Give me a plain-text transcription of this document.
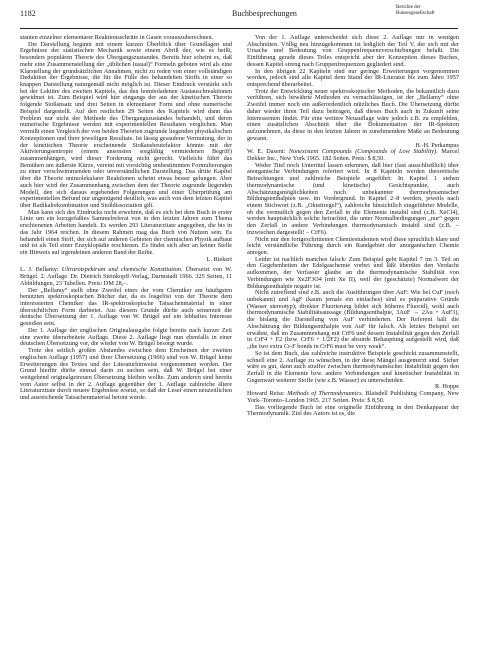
1182	Buchbesprechungen
Berichte der
Bunsengesellschaft

stanten einzelner elementarer Reaktionsschritte in Gasen vorauszuberechnen.

Die Darstellung beginnt mit einem kurzen Überblick über Grundlagen und Ergebnisse der statistischen Mechanik sowie einem Abriß der, wie es heißt, besonders populären Theorie des Übergangszustandes. Bereits hier scheint es, daß mehr eine Zusammenstellung der „üblichen (usual)“ Formeln geboten wird als eine Klarstellung der grundsätzlichen Annahmen, nicht zu reden von einer vollständigen Deduktion der Ergebnisse, die für die Fülle des behandelten Stoffs in einer so knappen Darstellung naturgemäß nicht möglich ist. Dieser Eindruck verstärkt sich bei der Lektüre des zweiten Kapitels, das den homöoladenen Austauschreaktionen gewidmet ist. Zum Beispiel wird hier eingangs der aus der kinetischen Theorie folgende Stoßansatz und drei Seiten in elementarer Form und ohne numerische Beispiel dargestellt. Auf den restlichen 29 Seiten des Kapitels wird dann das Problem nur nicht der Methode des Übergangszustandes behandelt, und deren numerische Ergebnisse werden mit experimentellen Resultaten verglichen. Man vermißt einen Vergleich der von beiden Theorien zugrunde liegenden physikalischen Konzeptionen und ihrer jeweiligen Resultate. Ist lässig gesaufene Vermutung, der in der kinetischen Theorie erscheinende Stoßausbeutefaktor könnte mit der Aktivierungsentropie (einem ansonsten sorgfältig vermiedenen Begriff) zusammenhängen, wird dieser Forderung nicht gerecht. Vielleicht führt das Bemühen um äußerste Kürze, vereint mit vorsichtig umbestimmten Formulierungen zu einer verschwimmenden oder unverständlichen Darstellung. Das dritte Kapitel über die Theorie unimolekularer Reaktionen scheint etwas besser gelungen. Aber auch hier wird der Zusammenhang zwischen dem der Theorie zugrunde liegenden Modell, den sich daraus ergebenden Folgerungen und einer Überprüfung am experimentellen Befund nur ungenügend deutlich, was auch von dem letzten Kapitel über Radikalrekombination und Stoßdissoziation gilt.

Man kann sich des Eindrucks nicht erwehren, daß es sich bei dem Buch in erster Linie um ein kurzgefaßtes Sammelreferat von in den letzten Jahren zum Thema erschienenen Arbeiten handelt. Es werden 293 Literaturzitate angegeben, die bis in das Jahr 1964 reichen. In diesem Rahmen mag das Buch von Nutzen sein. Es behandelt einen Stoff, der sich auf anderen Gebieten der chemischen Physik aufbaut und ist als Teil einer Enzyklopädie erschienen. Es findet sich aber an keiner Stelle ein Hinweis auf irgendeinen anderen Band der Reihe.

L. Riekert

L. J. Bellamy: Ultrarotspektrum und chemische Konstitution. Übersetzt von W. Brügel. 2. Auflage. Dr. Dietrich Steinkopff-Verlag, Darmstadt 1966. 325 Seiten, 11 Abbildungen, 23 Tabellen. Preis: DM 28,–.

Der „Bellamy“ stellt ohne Zweifel eines der vom Chemiker am häufigsten benutzten spektroskopischen Bücher dar, da es losgelöst von der Theorie dem interessierten Chemiker das IR-spektroskopische Tatsachenmaterial in einer übersichtlichen Form darbietet. Aus diesem Grunde dürfte auch seinerzeit die deutsche Übersetzung der 1. Auflage von W. Brügel auf ein lebhaftes Interesse gestoßen sein.

Der 1. Auflage der englischen Originalausgabe folgte bereits nach kurzer Zeit eine zweite überarbeitete Auflage. Diese 2. Auflage liegt nun ebenfalls in einer deutschen Übersetzung vor, die wieder von W. Brügel besorgt wurde.

Trotz des seitlich großen Abstandes zwischen dem Erscheinen der zweiten englischen Auflage (1957) und ihrer Übersetzung (1966) sind von W. Brügel keine Erweiterungen des Textes und der Literaturhinweise vorgenommen worden. Der Grund hierfür dürfte einmal darin zu suchen sein, daß W. Brügel bei einer weitgehend originalgetreuen Übersetzung bleiben wollte. Zum anderen sind bereits vom Autor selbst in der 2. Auflage gegenüber der 1. Auflage zahlreiche ältere Literaturzitate durch neuere Ergebnisse ersetzt, so daß der Leser einen neuzeitlichen und ausreichende Tatsachenmaterial betont wurde.

Von der 1. Auflage unterscheidet sich diese 2. Auflage nur in wenigen Abschnitten. Völlig neu hinzugekommen ist lediglich der Teil V, der sich mit der Ursache und Bedeutung von Gruppenfrequenzverschiebungen befaßt. Die Einführung gerade dieses Teiles entspricht aber der Konzeption dieses Buches, dessen Kapitel streng nach Gruppenfrequenzen gegliedert sind.

In den übrigen 22 Kapiteln sind nur geringe Erweiterungen vorgenommen worden, jedoch sind alle Kapitel dem Stand der IR-Literatur bis zum Jahre 1957 entsprechend überarbeitet.

Trotz der Entwicklung neuer spektroskopischer Methoden, die bekanntlich dazu verführen, sich bewährte Methoden zu vernachlässigen, ist der „Bellamy“ ohne Zweifel immer noch ein außerordentlich nützliches Buch. Die Übersetzung dürfte daher wieder ihren Teil dazu beitragen, daß dieses Buch auch in Zukunft seine Interessenten findet. Für eine weitere Neuauflage wäre jedoch z.B. zu empfehlen, einen zusätzlichen Abschnitt über die Dokumentation der IR-Spektren aufzunehmen, da diese in den letzten Jahren in zunehmendem Maße an Bedeutung gewann.

H.-H. Perkampus

W. E. Dasent: Nonexistent Compounds (Compounds of Low Stability). Marcel Dekker Inc., New York 1965. 182 Seiten. Preis: $ 8,50.

Weder Titel noch Untertitel lassen erkennen, daß hier (fast ausschließlich) über anorganische Verbindungen referiert wird. In 8 Kapiteln werden theoretische Betrachtungen und zahlreiche Beispiele angeführt: In Kapitel 1 stehen thermodynamische (und kinetische) Gesichtspunkte, auch Abschätzungsmöglichkeiten noch unbekannter thermodynamischer Bildungsenthalpien usw. im Vordergrund. In Kapitel 2–8 werden, jeweils nach einem Stichwort (z.B. „Oktettregel“), zahlreiche hinsichtlich eingeführter Modelle, ob die vermutlich gegen den Zerfall in die Elemente instabil sind (z.B. XeCl4), werden hauptsächlich solche betrachtet, die unter Normalbedingungen „nur“ gegen den Zerfall in andere Verbindungen thermodynamisch instabil sind (z.B. – inzwischen dargestellt! – CrF6).

Nicht nur den fortgeschrittenen Chemiestudenten wird diese sprachlich klare und leicht verständliche Führung durch ein Randgebiet der anorganischen Chemie anregen.

Leider ist nachlich manches falsch: Zum Beispiel geht Kapitel 7 im 3. Teil an den Gegebenheiten der Edelgaschemie vorbei und läßt überdies den Verdacht aufkommen, der Verfasser glaube an die thermodynamische Stabilität von Verbindungen wie Xe2F3O4 (mit Xe II), weil der (geschätzte) Normalwert der Bildungsenthalpie negativ ist.

Nicht zutreffend sind z.B. auch die Ausführungen über AuF: Wie bei CuF (noch unbekannt) und AgF (kaum jemals ein einfaches) sind es präparative Gründe (Wasser stereotyp); direkter Fluorierung bildet sich höheres Fluorid), wohl auch thermodynamische Stabilitätsaussage (Bildungsenthalpie, 3AuF → 2Au + AuF3), die bislang die Darstellung von AuF verhinderten. Der Referent hält die Abschätzung der Bildungsenthalpie von AuF für falsch. Als letztes Beispiel sei erwähnt, daß im Zusammenhang mit CrF6 und dessen Instabilität gegen den Zerfall in CrF4 + F2 (bzw. CrF6 + 1/2F2) die absurde Behauptung aufgestellt wird, daß „the two extra Cr-F bonds in CrF6 must be very weak“.

So ist dem Buch, das zahlreiche instruktive Beispiele geschickt zusammenstellt, schnell eine 2. Auflage zu wünschen, in der diese Mängel ausgemerzt sind. Sicher wäre es gut, dann auch straffer zwischen thermodynamischer Instabilität gegen den Zerfall in die Elemente bzw. andere Verbindungen und kinetischer Instabilität in Gegenwart weiterer Stoffe (wie z.B. Wasser) zu unterscheiden.

R. Hoppe

Howard Reiss: Methods of Thermodynamics. Blaisdell Publishing Company, New York–Toronto–London 1965. 217 Seiten. Preis: $ 8,50.

Das vorliegende Buch ist eine originelle Einführung in den Denkapparat der Thermodynamik. Ziel des Autors ist es, die
